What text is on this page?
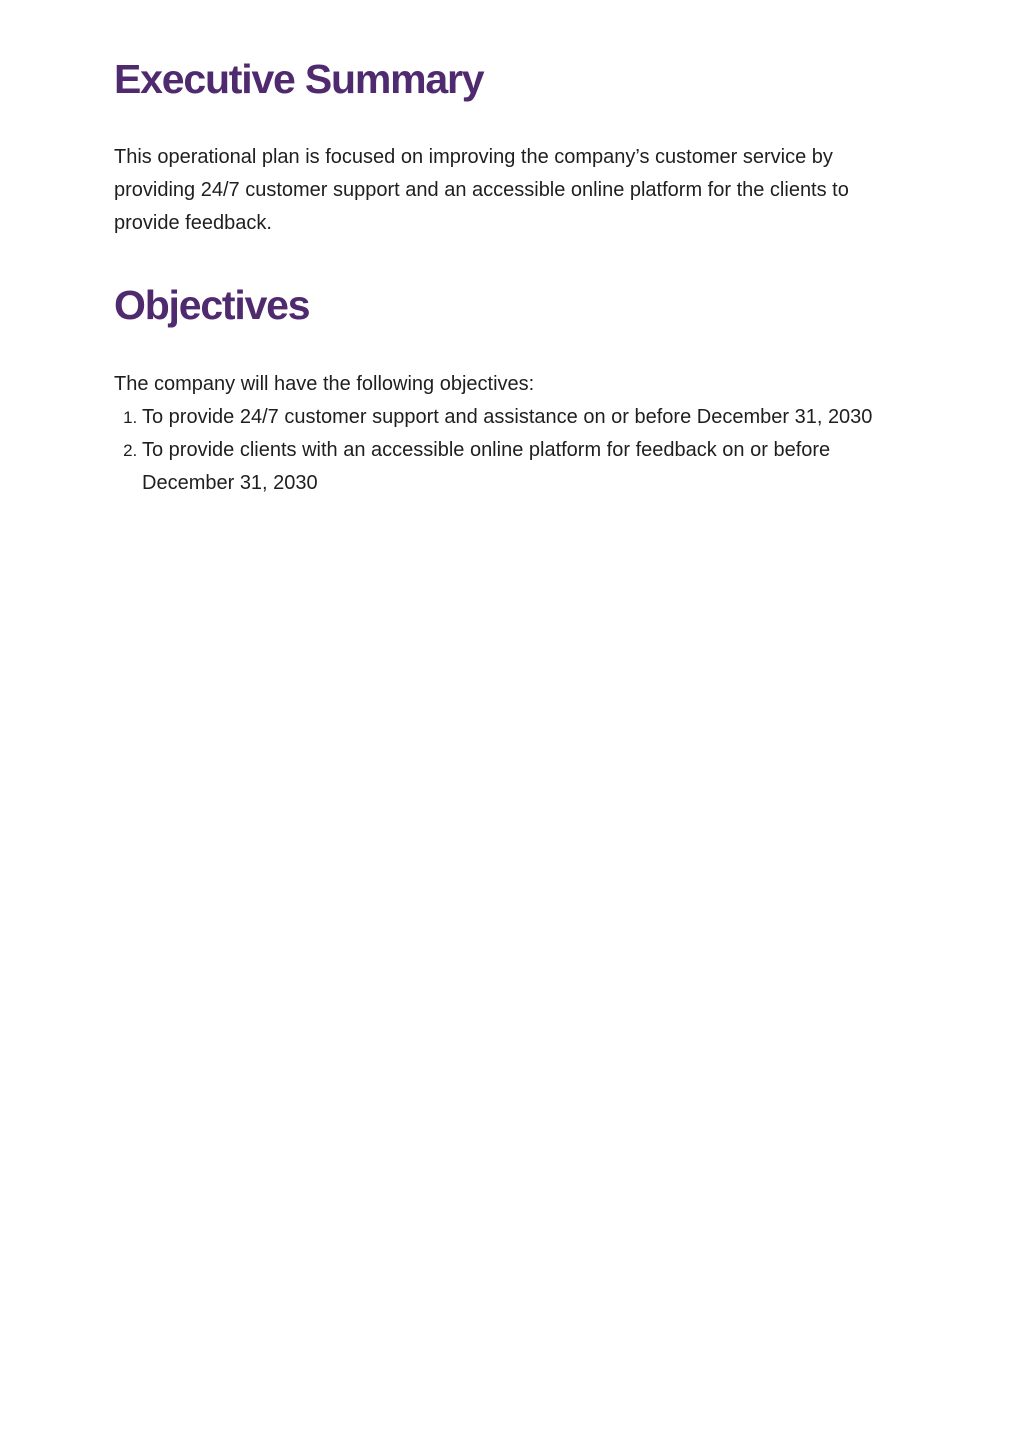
Executive Summary

This operational plan is focused on improving the company’s customer service by providing 24/7 customer support and an accessible online platform for the clients to provide feedback.

Objectives

The company will have the following objectives:

1. To provide 24/7 customer support and assistance on or before December 31, 2030
2. To provide clients with an accessible online platform for feedback on or before December 31, 2030
